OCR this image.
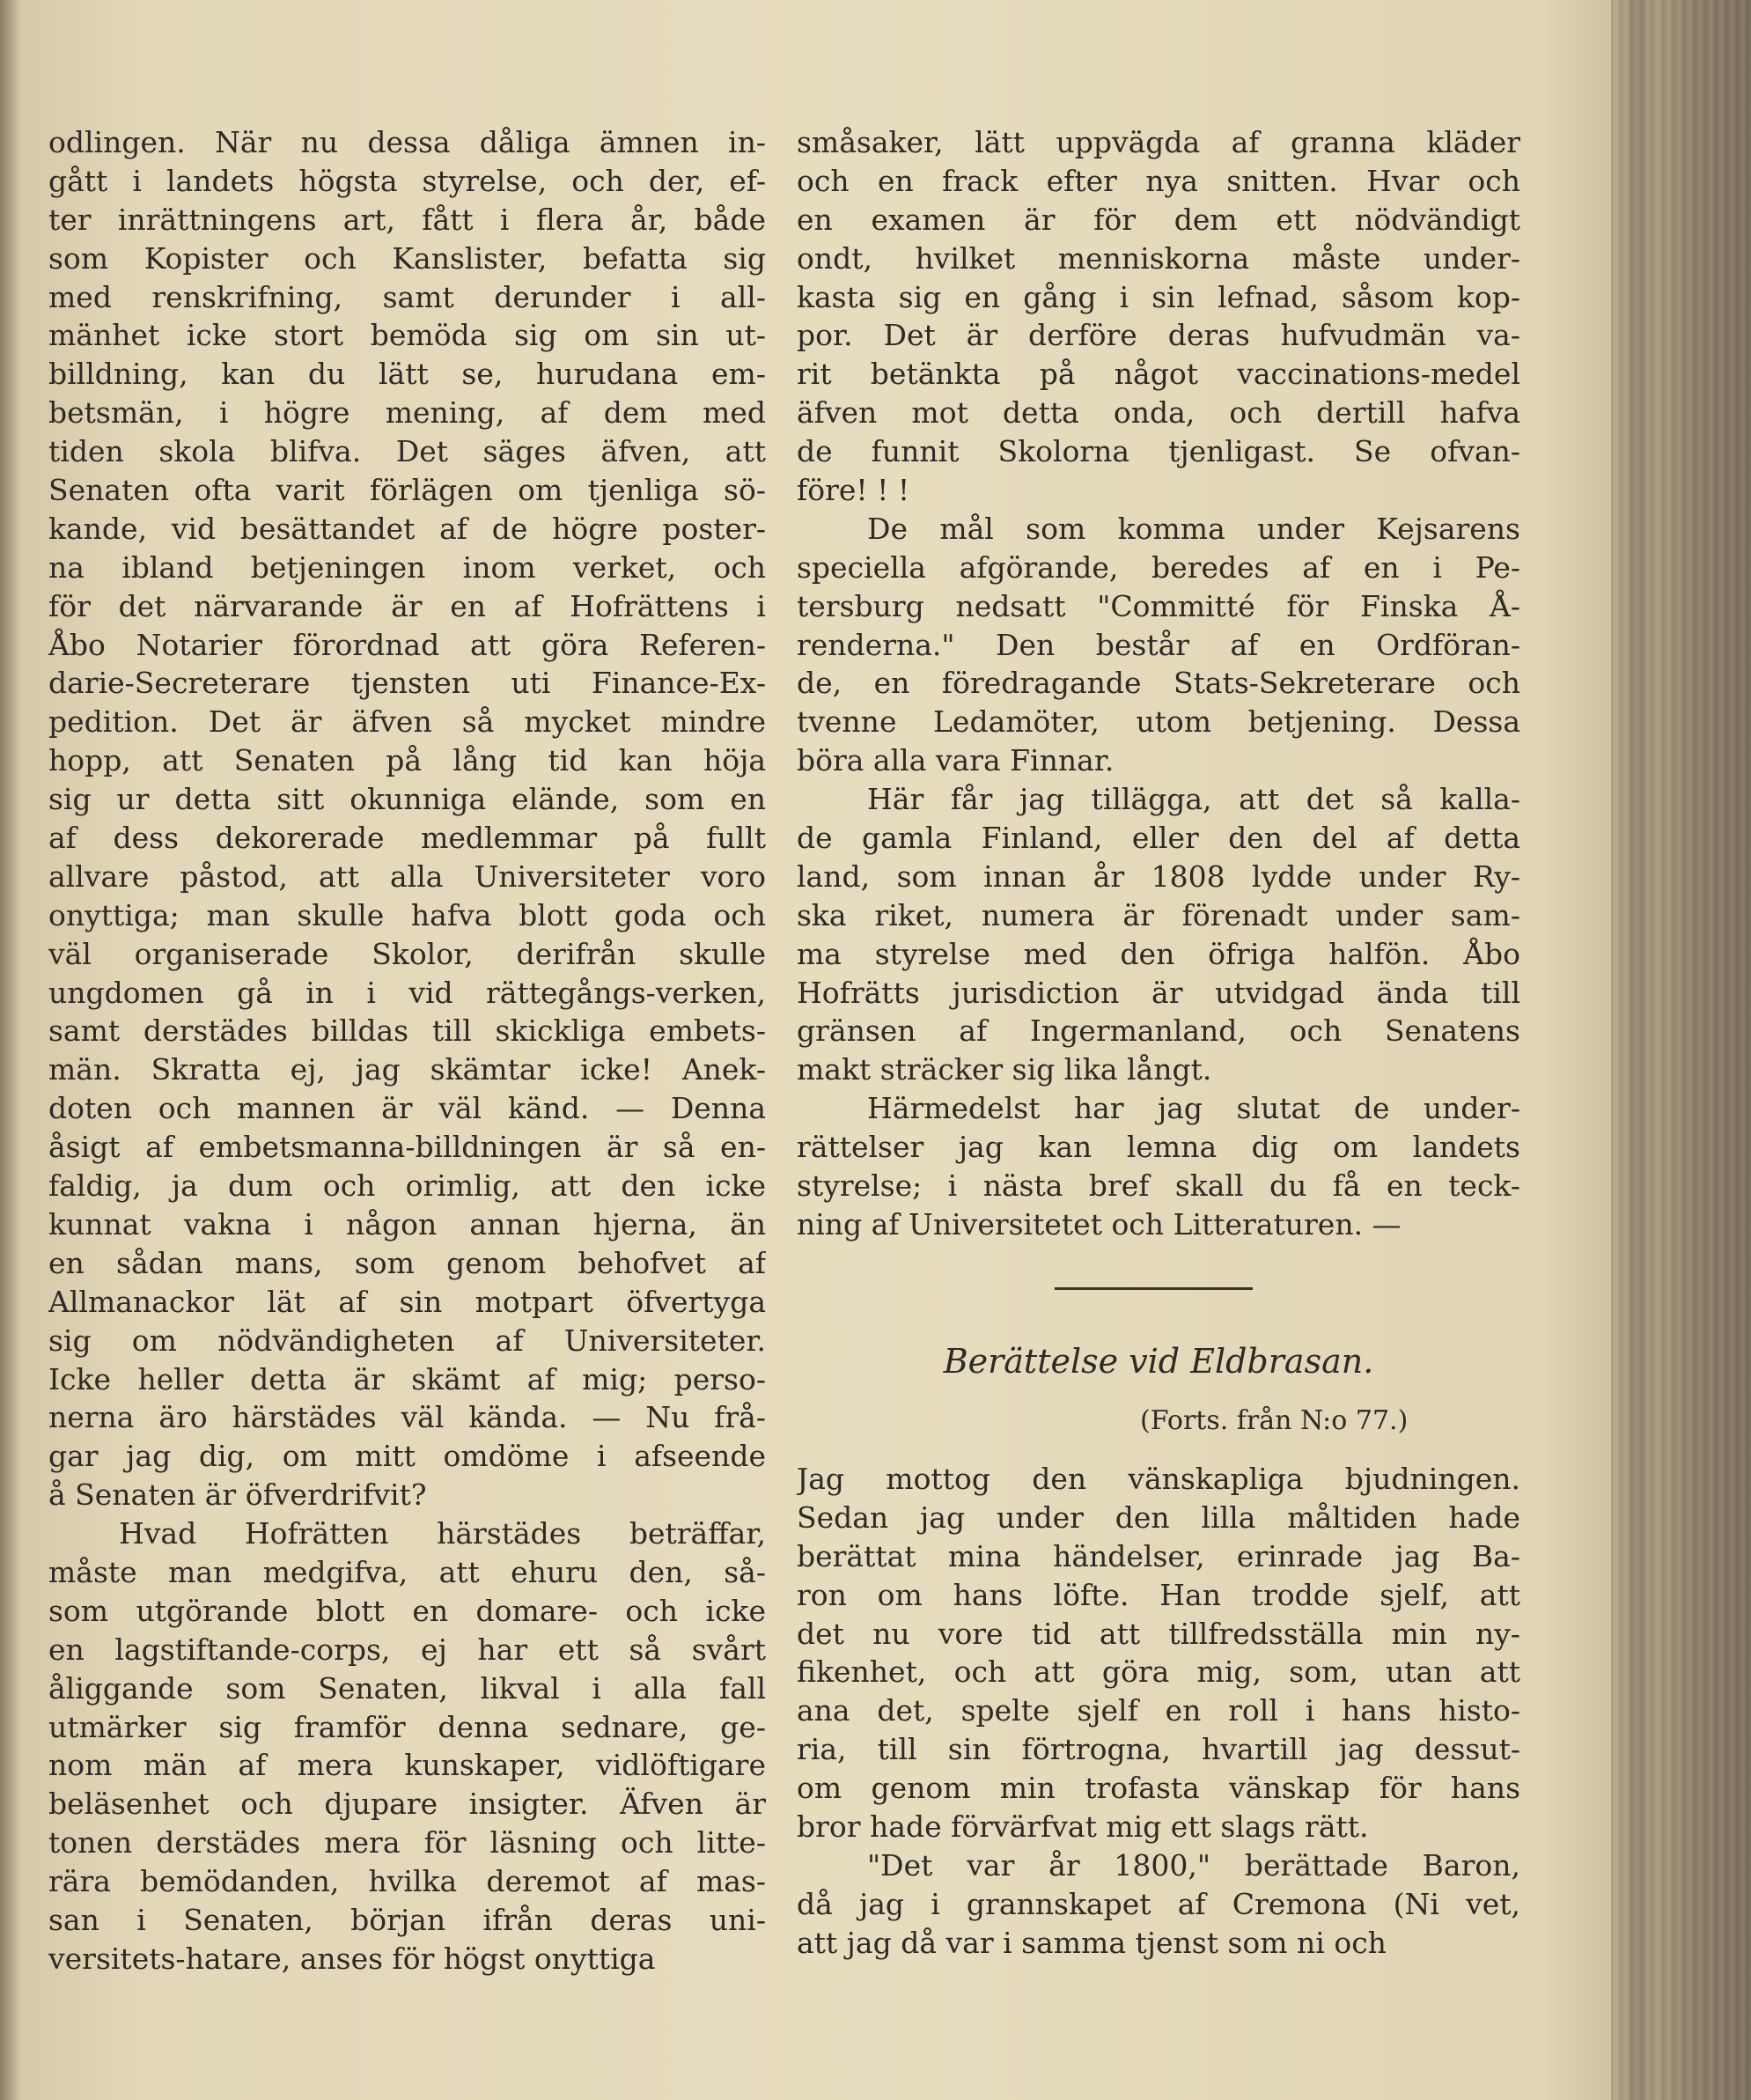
odlingen. När nu dessa dåliga ämnen in-
gått i landets högsta styrelse, och der, ef-
ter inrättningens art, fått i flera år, både
som Kopister och Kanslister, befatta sig
med renskrifning, samt derunder i all-
mänhet icke stort bemöda sig om sin ut-
billdning, kan du lätt se, hurudana em-
betsmän, i högre mening, af dem med
tiden skola blifva. Det säges äfven, att
Senaten ofta varit förlägen om tjenliga sö-
kande, vid besättandet af de högre poster-
na ibland betjeningen inom verket, och
för det närvarande är en af Hofrättens i
Åbo Notarier förordnad att göra Referen-
darie-Secreterare tjensten uti Finance-Ex-
pedition. Det är äfven så mycket mindre
hopp, att Senaten på lång tid kan höja
sig ur detta sitt okunniga elände, som en
af dess dekorerade medlemmar på fullt
allvare påstod, att alla Universiteter voro
onyttiga; man skulle hafva blott goda och
väl organiserade Skolor, derifrån skulle
ungdomen gå in i vid rättegångs-verken,
samt derstädes billdas till skickliga embets-
män. Skratta ej, jag skämtar icke! Anek-
doten och mannen är väl känd. — Denna
åsigt af embetsmanna-billdningen är så en-
faldig, ja dum och orimlig, att den icke
kunnat vakna i någon annan hjerna, än
en sådan mans, som genom behofvet af
Allmanackor lät af sin motpart öfvertyga
sig om nödvändigheten af Universiteter.
Icke heller detta är skämt af mig; perso-
nerna äro härstädes väl kända. — Nu frå-
gar jag dig, om mitt omdöme i afseende
å Senaten är öfverdrifvit?
Hvad Hofrätten härstädes beträffar,
måste man medgifva, att ehuru den, så-
som utgörande blott en domare- och icke
en lagstiftande-corps, ej har ett så svårt
åliggande som Senaten, likval i alla fall
utmärker sig framför denna sednare, ge-
nom män af mera kunskaper, vidlöftigare
beläsenhet och djupare insigter. Äfven är
tonen derstädes mera för läsning och litte-
rära bemödanden, hvilka deremot af mas-
san i Senaten, början ifrån deras uni-
versitets-hatare, anses för högst onyttiga
småsaker, lätt uppvägda af granna kläder
och en frack efter nya snitten. Hvar och
en examen är för dem ett nödvändigt
ondt, hvilket menniskorna måste under-
kasta sig en gång i sin lefnad, såsom kop-
por. Det är derföre deras hufvudmän va-
rit betänkta på något vaccinations-medel
äfven mot detta onda, och dertill hafva
de funnit Skolorna tjenligast. Se ofvan-
före! ! !
De mål som komma under Kejsarens
speciella afgörande, beredes af en i Pe-
tersburg nedsatt "Committé för Finska Å-
renderna." Den består af en Ordföran-
de, en föredragande Stats-Sekreterare och
tvenne Ledamöter, utom betjening. Dessa
böra alla vara Finnar.
Här får jag tillägga, att det så kalla-
de gamla Finland, eller den del af detta
land, som innan år 1808 lydde under Ry-
ska riket, numera är förenadt under sam-
ma styrelse med den öfriga halfön. Åbo
Hofrätts jurisdiction är utvidgad ända till
gränsen af Ingermanland, och Senatens
makt sträcker sig lika långt.
Härmedelst har jag slutat de under-
rättelser jag kan lemna dig om landets
styrelse; i nästa bref skall du få en teck-
ning af Universitetet och Litteraturen. —
Berättelse vid Eldbrasan.
(Forts. från N:o 77.)
Jag mottog den vänskapliga bjudningen.
Sedan jag under den lilla måltiden hade
berättat mina händelser, erinrade jag Ba-
ron om hans löfte. Han trodde sjelf, att
det nu vore tid att tillfredsställa min ny-
fikenhet, och att göra mig, som, utan att
ana det, spelte sjelf en roll i hans histo-
ria, till sin förtrogna, hvartill jag dessut-
om genom min trofasta vänskap för hans
bror hade förvärfvat mig ett slags rätt.
"Det var år 1800," berättade Baron,
då jag i grannskapet af Cremona (Ni vet,
att jag då var i samma tjenst som ni och
